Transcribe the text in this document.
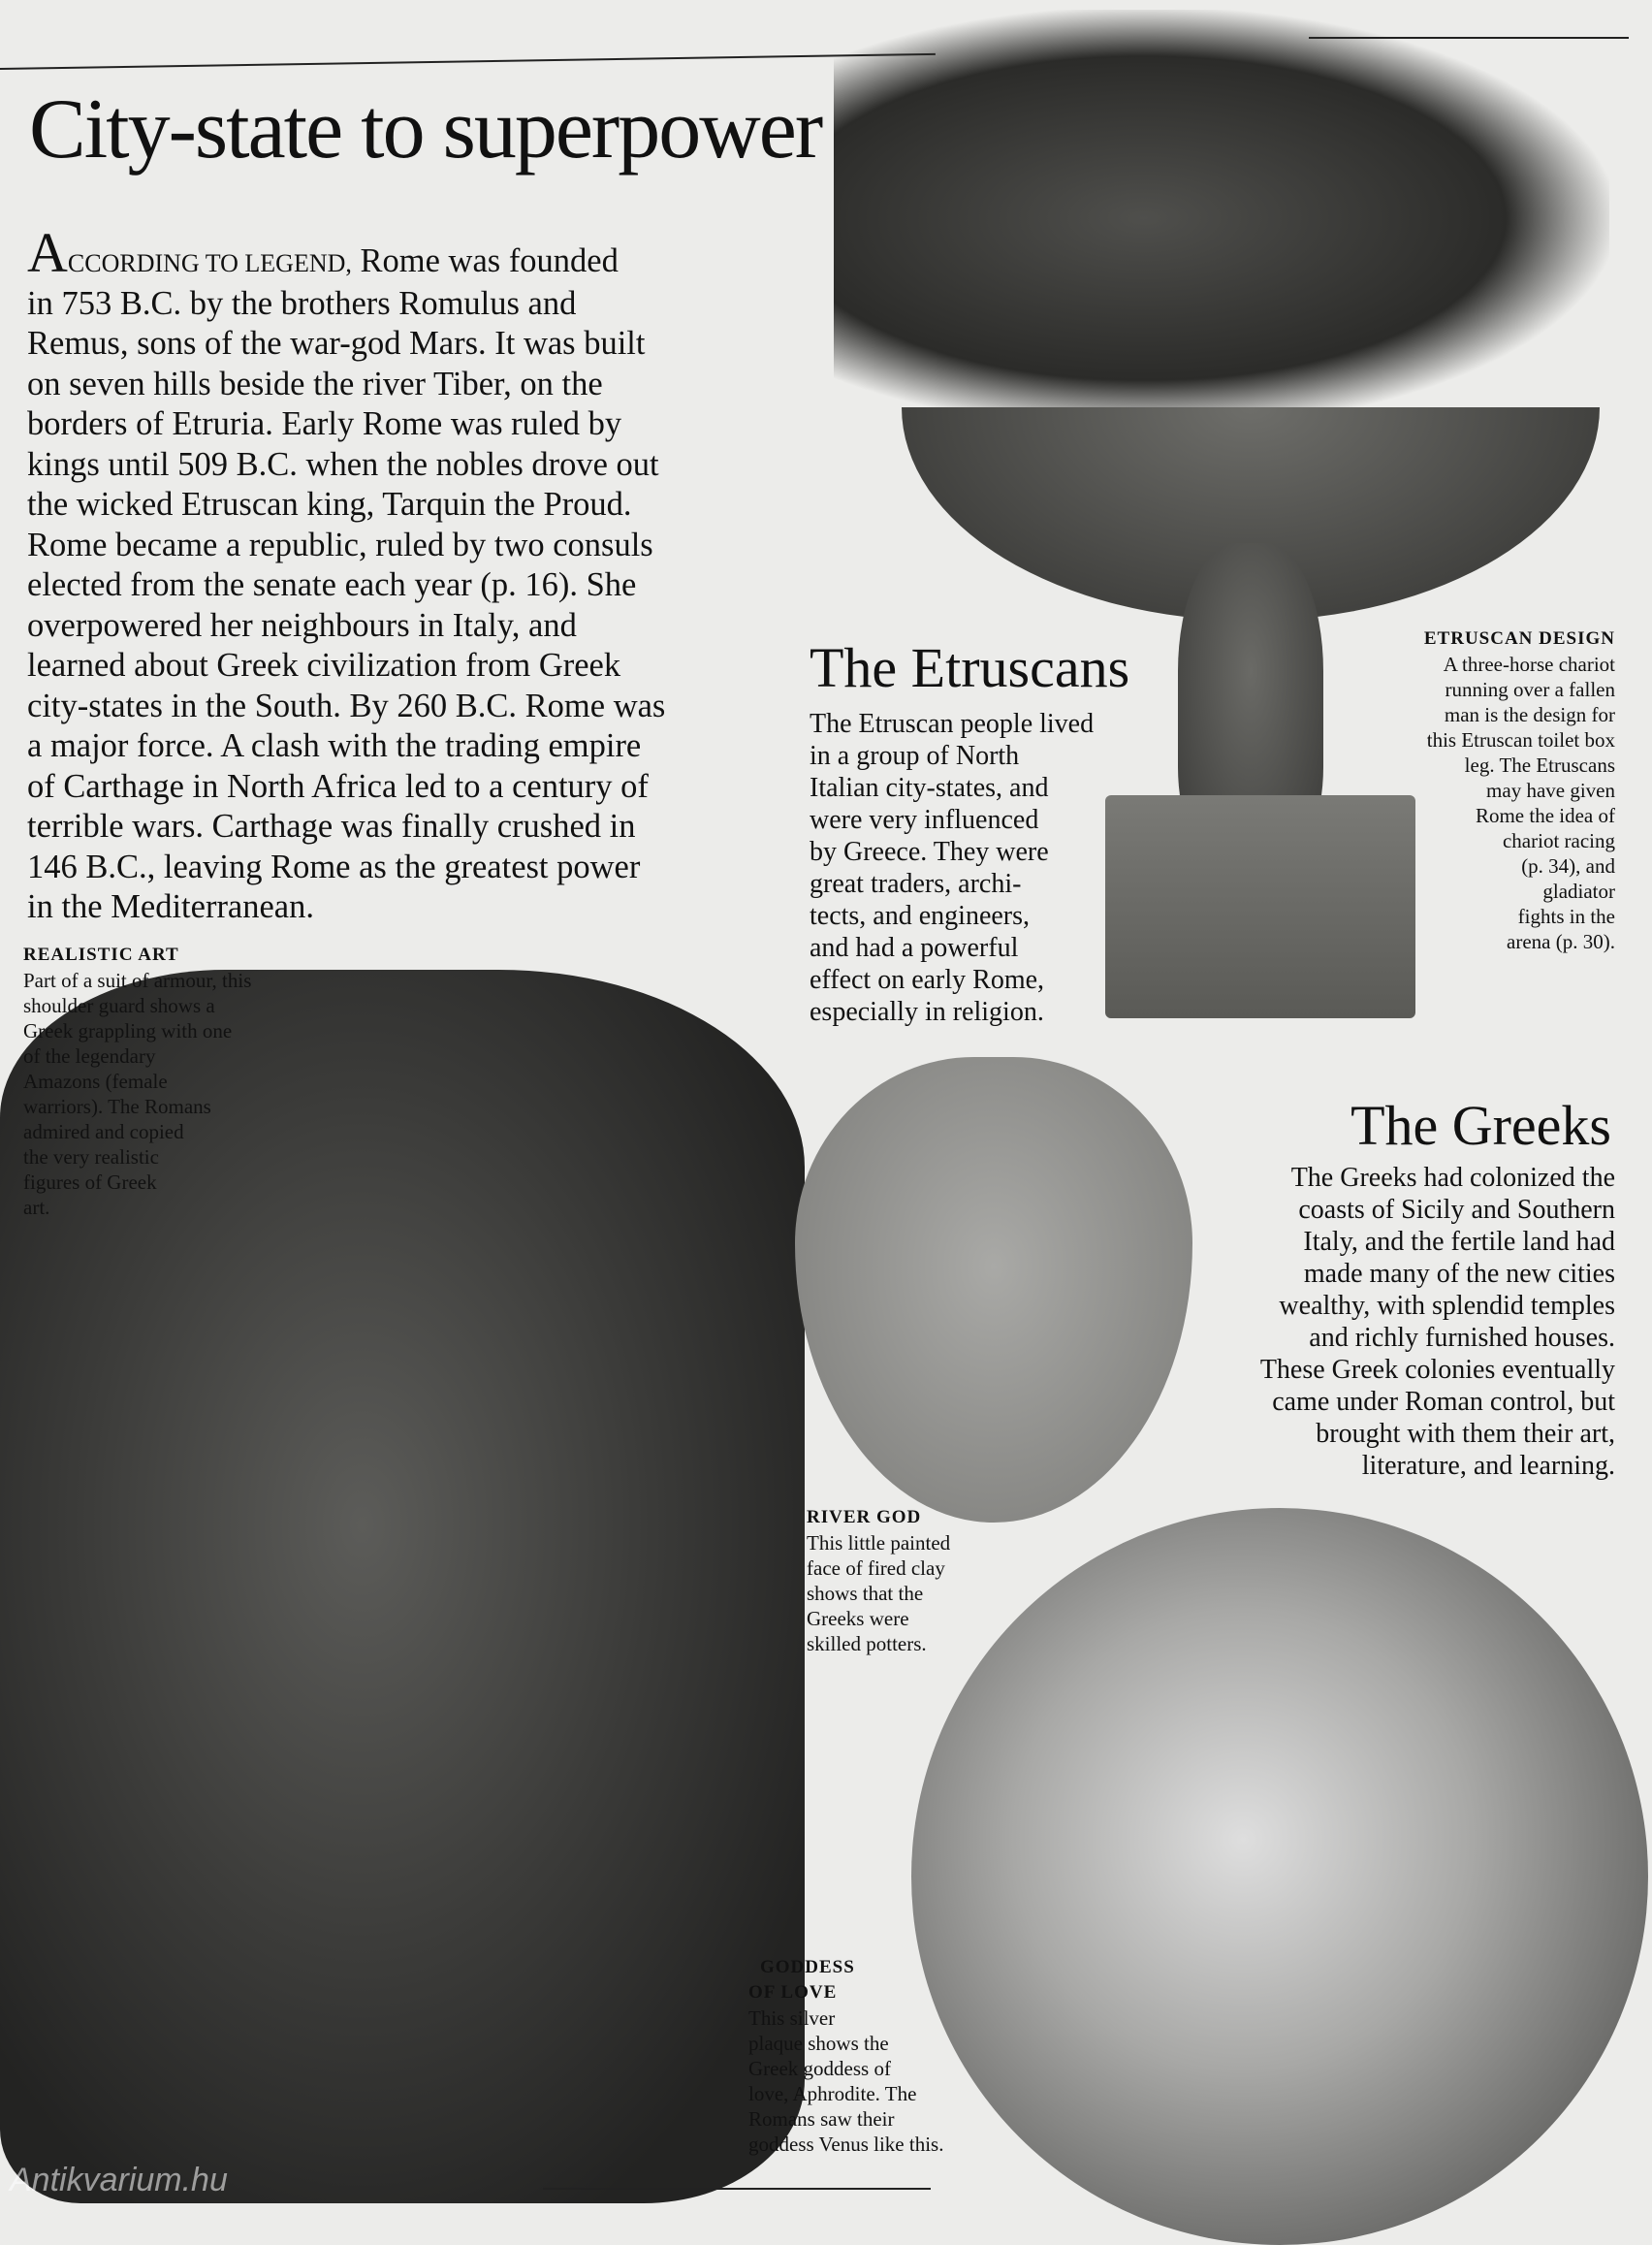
City-state to superpower

ACCORDING TO LEGEND, Rome was founded
in 753 B.C. by the brothers Romulus and
Remus, sons of the war-god Mars. It was built
on seven hills beside the river Tiber, on the
borders of Etruria. Early Rome was ruled by
kings until 509 B.C. when the nobles drove out
the wicked Etruscan king, Tarquin the Proud.
Rome became a republic, ruled by two consuls
elected from the senate each year (p. 16). She
overpowered her neighbours in Italy, and
learned about Greek civilization from Greek
city-states in the South. By 260 B.C. Rome was
a major force. A clash with the trading empire
of Carthage in North Africa led to a century of
terrible wars. Carthage was finally crushed in
146 B.C., leaving Rome as the greatest power
in the Mediterranean.

REALISTIC ART
Part of a suit of armour, this
shoulder guard shows a
Greek grappling with one
of the legendary
Amazons (female
warriors). The Romans
admired and copied
the very realistic
figures of Greek
art.
The Etruscans
The Etruscan people lived
in a group of North
Italian city-states, and
were very influenced
by Greece. They were
great traders, archi-
tects, and engineers,
and had a powerful
effect on early Rome,
especially in religion.
ETRUSCAN DESIGN
A three-horse chariot
running over a fallen
man is the design for
this Etruscan toilet box
leg. The Etruscans
may have given
Rome the idea of
chariot racing
(p. 34), and
gladiator
fights in the
arena (p. 30).
The Greeks
The Greeks had colonized the
coasts of Sicily and Southern
Italy, and the fertile land had
made many of the new cities
wealthy, with splendid temples
and richly furnished houses.
These Greek colonies eventually
came under Roman control, but
brought with them their art,
literature, and learning.
RIVER GOD
This little painted
face of fired clay
shows that the
Greeks were
skilled potters.
GODDESS
OF LOVE
This silver
plaque shows the
Greek goddess of
love, Aphrodite. The
Romans saw their
goddess Venus like this.
Antikvarium.hu
